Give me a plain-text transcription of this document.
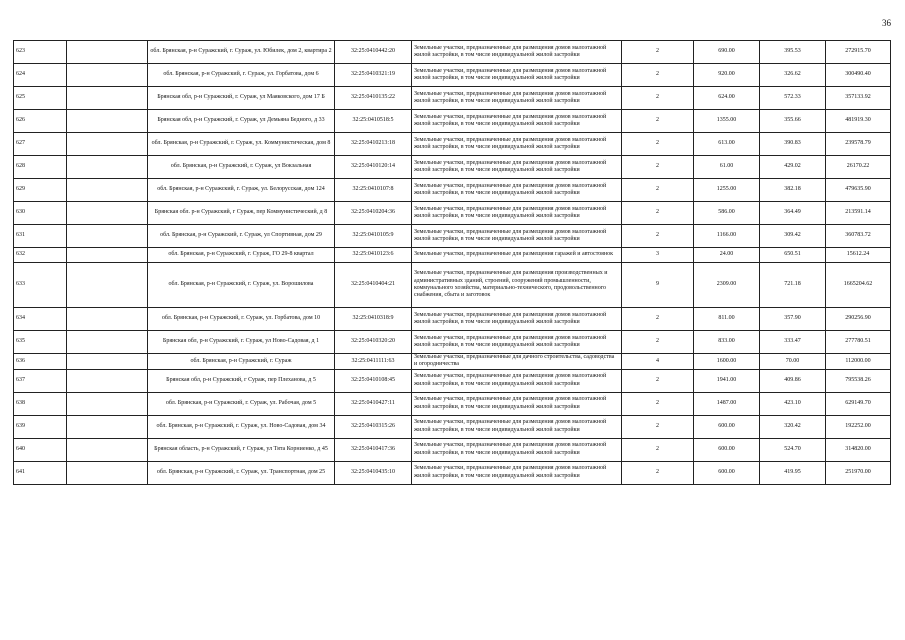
36
623		обл. Брянская, р-н Суражский, г. Сураж, ул. Юбилек, дом 2, квартира 2	32:25:0410442:20	Земельные участки, предназначенные для размещения домов малоэтажной жилой застройки, в том числе индивидуальной жилой застройки	2	690.00	395.53	272915.70
624		обл. Брянская, р-н Суражский, г. Сураж, ул. Горбатова, дом 6	32:25:0410321:19	Земельные участки, предназначенные для размещения домов малоэтажной жилой застройки, в том числе индивидуальной жилой застройки	2	920.00	326.62	300490.40
625		Брянская обл, р-н Суражский, г. Сураж, ул Маяковского, дом 17 Б	32:25:0410135:22	Земельные участки, предназначенные для размещения домов малоэтажной жилой застройки, в том числе индивидуальной жилой застройки	2	624.00	572.33	357133.92
626		Брянская обл, р-н Суражский, г. Сураж, ул Демьяна Бедного, д 33	32:25:0410518:5	Земельные участки, предназначенные для размещения домов малоэтажной жилой застройки, в том числе индивидуальной жилой застройки	2	1355.00	355.66	481919.30
627		обл. Брянская, р-н Суражский, г. Сураж, ул. Коммунистическая, дом 8	32:25:0410213:18	Земельные участки, предназначенные для размещения домов малоэтажной жилой застройки, в том числе индивидуальной жилой застройки	2	613.00	390.83	239578.79
628		обл. Брянская, р-н Суражский, г. Сураж, ул Вокзальная	32:25:0410120:14	Земельные участки, предназначенные для размещения домов малоэтажной жилой застройки, в том числе индивидуальной жилой застройки	2	61.00	429.02	26170.22
629		обл. Брянская, р-н Суражский, г. Сураж, ул. Белорусская, дом 124	32:25:0410107:8	Земельные участки, предназначенные для размещения домов малоэтажной жилой застройки, в том числе индивидуальной жилой застройки	2	1255.00	382.18	479635.90
630		Брянская обл. р-н Суражский, г Сураж, пер Коммунистический, д 8	32:25:0410204:36	Земельные участки, предназначенные для размещения домов малоэтажной жилой застройки, в том числе индивидуальной жилой застройки	2	586.00	364.49	213591.14
631		обл. Брянская, р-н Суражский, г. Сураж, ул Спортивная, дом 29	32:25:0410105:9	Земельные участки, предназначенные для размещения домов малоэтажной жилой застройки, в том числе индивидуальной жилой застройки	2	1166.00	309.42	360783.72
632		обл. Брянская, р-н Суражский, г. Сураж, ГО 29-8 квартал	32:25:0410123:6	Земельные участки, предназначенные для размещения гаражей и автостоянок	3	24.00	650.51	15612.24
633		обл. Брянская, р-н Суражский, г. Сураж, ул. Ворошилова	32:25:0410404:21	Земельные участки, предназначенные для размещения производственных и административных зданий, строений, сооружений промышленности, коммунального хозяйства, материально-технического, продовольственного снабжения, сбыта и заготовок	9	2309.00	721.18	1665204.62
634		обл. Брянская, р-н Суражский, г. Сураж, ул. Горбатова, дом 10	32:25:0410318:9	Земельные участки, предназначенные для размещения домов малоэтажной жилой застройки, в том числе индивидуальной жилой застройки	2	811.00	357.90	290256.90
635		Брянская обл, р-н Суражский, г. Сураж, ул Ново-Садовая, д 1	32:25:0410320:20	Земельные участки, предназначенные для размещения домов малоэтажной жилой застройки, в том числе индивидуальной жилой застройки	2	833.00	333.47	277780.51
636		обл. Брянская, р-н Суражский, г. Сураж	32:25:0411111:63	Земельные участки, предназначенные для дачного строительства, садоводства и огородничества	4	1600.00	70.00	112000.00
637		Брянская обл, р-н Суражский, г Сураж, пер Плеханова, д 5	32:25:0410108:45	Земельные участки, предназначенные для размещения домов малоэтажной жилой застройки, в том числе индивидуальной жилой застройки	2	1941.00	409.86	795538.26
638		обл. Брянская, р-н Суражский, г. Сураж, ул. Рабочая, дом 5	32:25:0410427:11	Земельные участки, предназначенные для размещения домов малоэтажной жилой застройки, в том числе индивидуальной жилой застройки	2	1487.00	423.10	629149.70
639		обл. Брянская, р-н Суражский, г. Сураж, ул. Ново-Садовая, дом 34	32:25:0410315:26	Земельные участки, предназначенные для размещения домов малоэтажной жилой застройки, в том числе индивидуальной жилой застройки	2	600.00	320.42	192252.00
640		Брянская область, р-н Суражский, г Сураж, ул Тята Корниенко, д 45	32:25:0410417:36	Земельные участки, предназначенные для размещения домов малоэтажной жилой застройки, в том числе индивидуальной жилой застройки	2	600.00	524.70	314820.00
641		обл. Брянская, р-н Суражский, г. Сураж, ул. Транспортная, дом 25	32:25:0410435:10	Земельные участки, предназначенные для размещения домов малоэтажной жилой застройки, в том числе индивидуальной жилой застройки	2	600.00	419.95	251970.00
